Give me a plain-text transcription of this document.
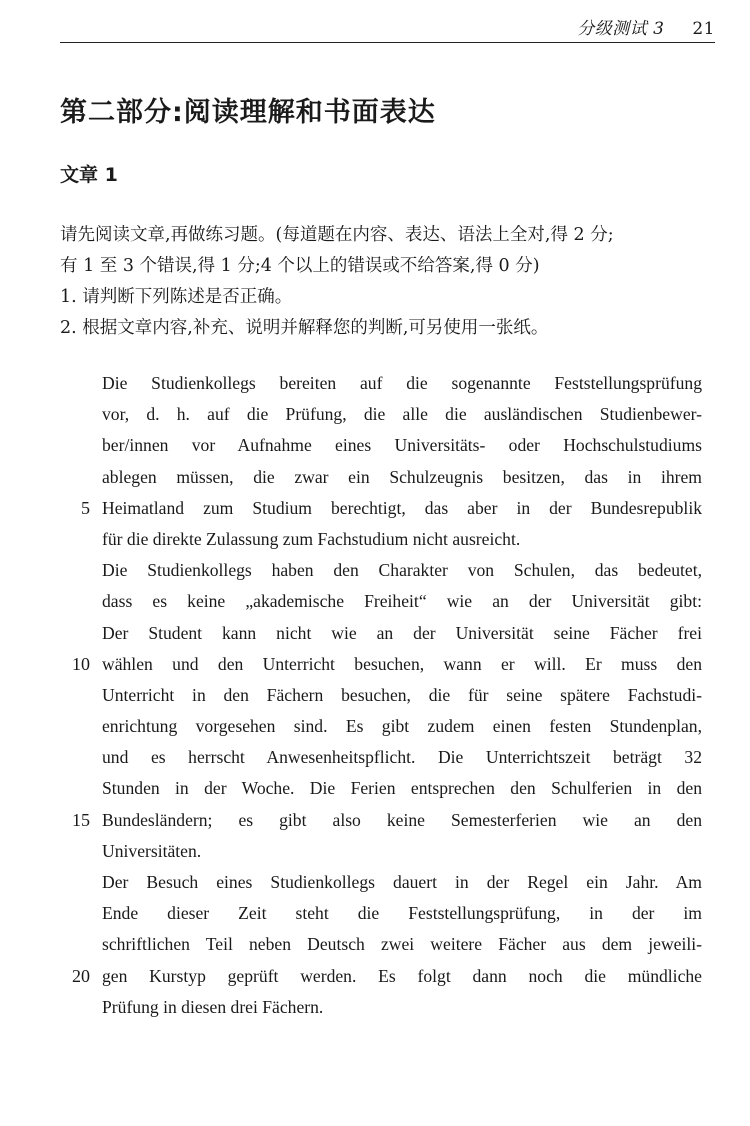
分级测试 3 21
第二部分:阅读理解和书面表达
文章 1

请先阅读文章,再做练习题。(每道题在内容、表达、语法上全对,得 2 分;

有 1 至 3 个错误,得 1 分;4 个以上的错误或不给答案,得 0 分)

1. 请判断下列陈述是否正确。

2. 根据文章内容,补充、说明并解释您的判断,可另使用一张纸。

Die Studienkollegs bereiten auf die sogenannte Feststellungsprüfung
vor, d. h. auf die Prüfung, die alle die ausländischen Studienbewer-
ber/innen vor Aufnahme eines Universitäts- oder Hochschulstudiums
ablegen müssen, die zwar ein Schulzeugnis besitzen, das in ihrem
5 Heimatland zum Studium berechtigt, das aber in der Bundesrepublik
für die direkte Zulassung zum Fachstudium nicht ausreicht.
Die Studienkollegs haben den Charakter von Schulen, das bedeutet,
dass es keine „akademische Freiheit“ wie an der Universität gibt:
Der Student kann nicht wie an der Universität seine Fächer frei
10 wählen und den Unterricht besuchen, wann er will. Er muss den
Unterricht in den Fächern besuchen, die für seine spätere Fachstudi-
enrichtung vorgesehen sind. Es gibt zudem einen festen Stundenplan,
und es herrscht Anwesenheitspflicht. Die Unterrichtszeit beträgt 32
Stunden in der Woche. Die Ferien entsprechen den Schulferien in den
15 Bundesländern; es gibt also keine Semesterferien wie an den
Universitäten.
Der Besuch eines Studienkollegs dauert in der Regel ein Jahr. Am
Ende dieser Zeit steht die Feststellungsprüfung, in der im
schriftlichen Teil neben Deutsch zwei weitere Fächer aus dem jeweili-
20 gen Kurstyp geprüft werden. Es folgt dann noch die mündliche
Prüfung in diesen drei Fächern.
